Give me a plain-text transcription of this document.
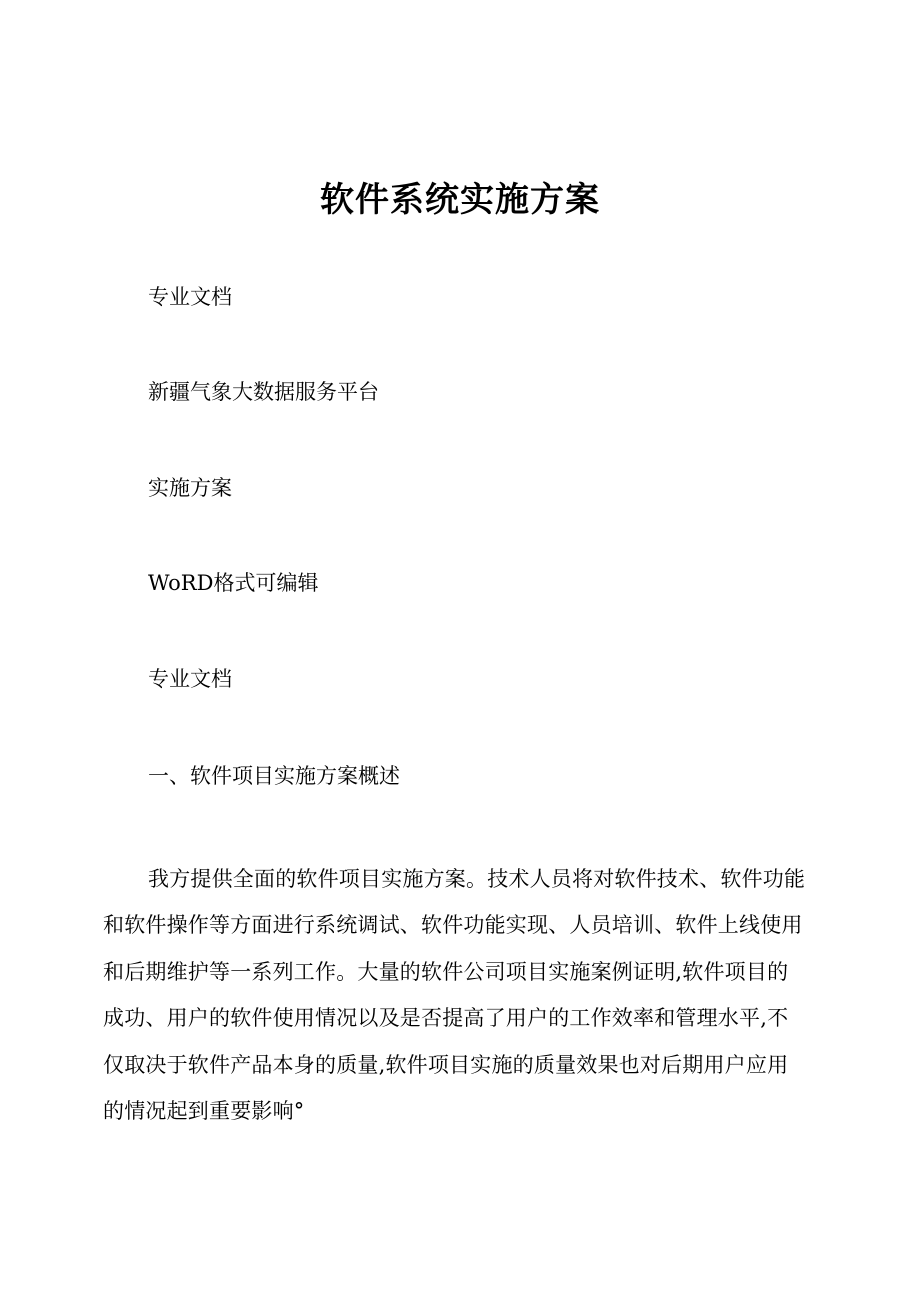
软件系统实施方案

专业文档

新疆气象大数据服务平台

实施方案

WoRD格式可编辑

专业文档

一、软件项目实施方案概述

我方提供全面的软件项目实施方案。技术人员将对软件技术、软件功能
和软件操作等方面进行系统调试、软件功能实现、人员培训、软件上线使用
和后期维护等一系列工作。大量的软件公司项目实施案例证明,软件项目的
成功、用户的软件使用情况以及是否提高了用户的工作效率和管理水平,不
仅取决于软件产品本身的质量,软件项目实施的质量效果也对后期用户应用
的情况起到重要影响°
